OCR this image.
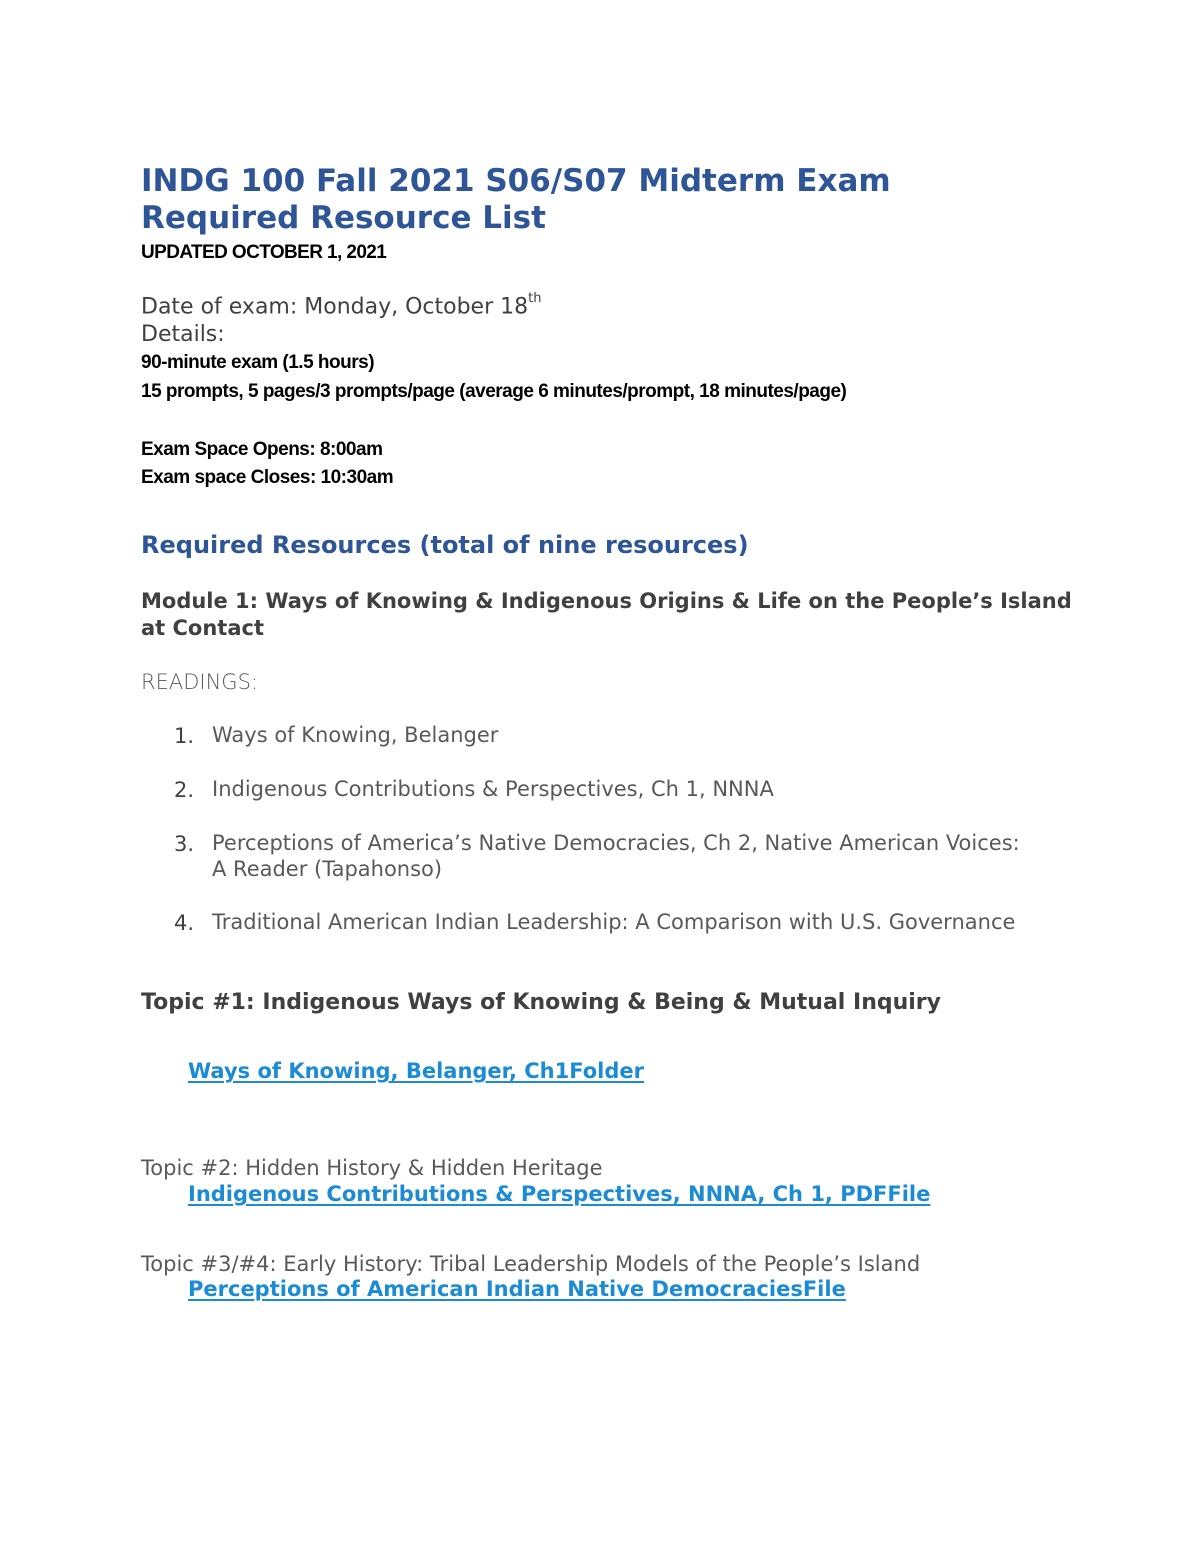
INDG 100 Fall 2021 S06/S07 Midterm Exam Required Resource List
UPDATED OCTOBER 1, 2021
Date of exam: Monday, October 18th
Details:
90-minute exam (1.5 hours)
15 prompts, 5 pages/3 prompts/page (average 6 minutes/prompt, 18 minutes/page)
Exam Space Opens: 8:00am
Exam space Closes: 10:30am
Required Resources (total of nine resources)
Module 1: Ways of Knowing & Indigenous Origins & Life on the People’s Island at Contact
READINGS:
1. Ways of Knowing, Belanger
2. Indigenous Contributions & Perspectives, Ch 1, NNNA
3. Perceptions of America’s Native Democracies, Ch 2, Native American Voices: A Reader (Tapahonso)
4. Traditional American Indian Leadership: A Comparison with U.S. Governance
Topic #1: Indigenous Ways of Knowing & Being & Mutual Inquiry
Ways of Knowing, Belanger, Ch1Folder
Topic #2: Hidden History & Hidden Heritage
Indigenous Contributions & Perspectives, NNNA, Ch 1, PDFFile
Topic #3/#4: Early History: Tribal Leadership Models of the People’s Island
Perceptions of American Indian Native DemocraciesFile
